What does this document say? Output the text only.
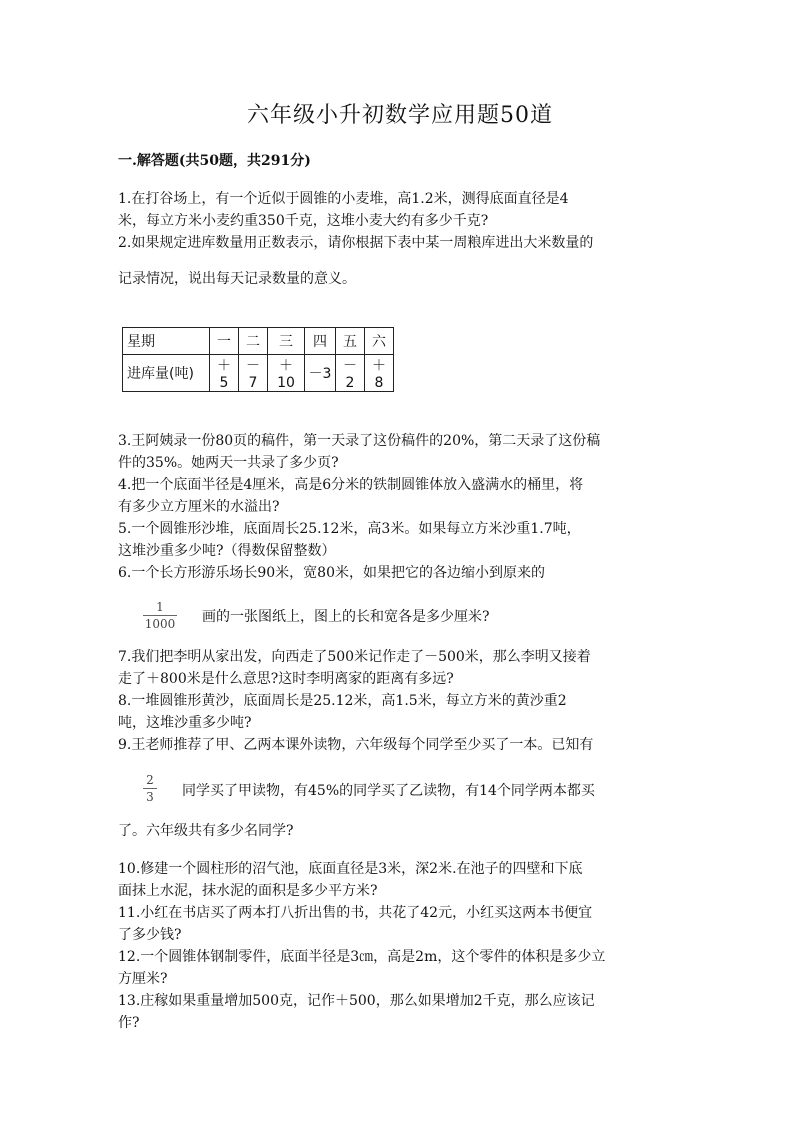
六年级小升初数学应用题50道
一.解答题(共50题，共291分)
1.在打谷场上，有一个近似于圆锥的小麦堆，高1.2米，测得底面直径是4
米，每立方米小麦约重350千克，这堆小麦大约有多少千克?
2.如果规定进库数量用正数表示，请你根据下表中某一周粮库进出大米数量的
记录情况，说出每天记录数量的意义。
星期	一	二	三	四	五	六
进库量(吨)	＋5	－7	＋10	－3	－2	＋8
3.王阿姨录一份80页的稿件，第一天录了这份稿件的20%，第二天录了这份稿
件的35%。她两天一共录了多少页?
4.把一个底面半径是4厘米，高是6分米的铁制圆锥体放入盛满水的桶里，将
有多少立方厘米的水溢出?
5.一个圆锥形沙堆，底面周长25.12米，高3米。如果每立方米沙重1.7吨，
这堆沙重多少吨?（得数保留整数）
6.一个长方形游乐场长90米，宽80米，如果把它的各边缩小到原来的
1
1000 画的一张图纸上，图上的长和宽各是多少厘米?
7.我们把李明从家出发，向西走了500米记作走了－500米，那么李明又接着
走了＋800米是什么意思?这时李明离家的距离有多远?
8.一堆圆锥形黄沙，底面周长是25.12米，高1.5米，每立方米的黄沙重2
吨，这堆沙重多少吨?
9.王老师推荐了甲、乙两本课外读物，六年级每个同学至少买了一本。已知有
2
3 同学买了甲读物，有45%的同学买了乙读物，有14个同学两本都买
了。六年级共有多少名同学?
10.修建一个圆柱形的沼气池，底面直径是3米，深2米.在池子的四壁和下底
面抹上水泥，抹水泥的面积是多少平方米?
11.小红在书店买了两本打八折出售的书，共花了42元，小红买这两本书便宜
了多少钱?
12.一个圆锥体钢制零件，底面半径是3㎝，高是2m，这个零件的体积是多少立
方厘米?
13.庄稼如果重量增加500克，记作＋500，那么如果增加2千克，那么应该记
作?
